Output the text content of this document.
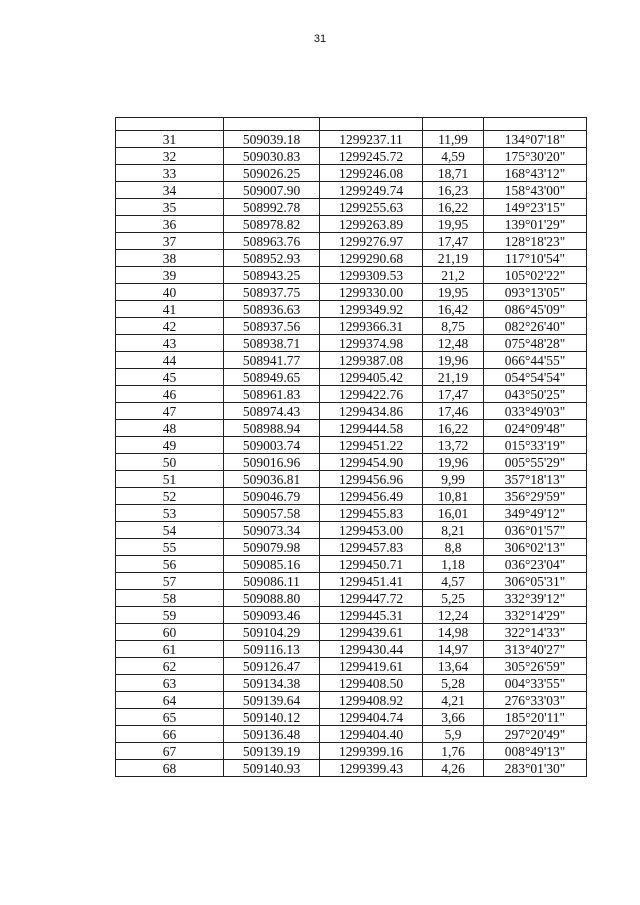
31

31	509039.18	1299237.11	11,99	134°07'18"
32	509030.83	1299245.72	4,59	175°30'20"
33	509026.25	1299246.08	18,71	168°43'12"
34	509007.90	1299249.74	16,23	158°43'00"
35	508992.78	1299255.63	16,22	149°23'15"
36	508978.82	1299263.89	19,95	139°01'29"
37	508963.76	1299276.97	17,47	128°18'23"
38	508952.93	1299290.68	21,19	117°10'54"
39	508943.25	1299309.53	21,2	105°02'22"
40	508937.75	1299330.00	19,95	093°13'05"
41	508936.63	1299349.92	16,42	086°45'09"
42	508937.56	1299366.31	8,75	082°26'40"
43	508938.71	1299374.98	12,48	075°48'28"
44	508941.77	1299387.08	19,96	066°44'55"
45	508949.65	1299405.42	21,19	054°54'54"
46	508961.83	1299422.76	17,47	043°50'25"
47	508974.43	1299434.86	17,46	033°49'03"
48	508988.94	1299444.58	16,22	024°09'48"
49	509003.74	1299451.22	13,72	015°33'19"
50	509016.96	1299454.90	19,96	005°55'29"
51	509036.81	1299456.96	9,99	357°18'13"
52	509046.79	1299456.49	10,81	356°29'59"
53	509057.58	1299455.83	16,01	349°49'12"
54	509073.34	1299453.00	8,21	036°01'57"
55	509079.98	1299457.83	8,8	306°02'13"
56	509085.16	1299450.71	1,18	036°23'04"
57	509086.11	1299451.41	4,57	306°05'31"
58	509088.80	1299447.72	5,25	332°39'12"
59	509093.46	1299445.31	12,24	332°14'29"
60	509104.29	1299439.61	14,98	322°14'33"
61	509116.13	1299430.44	14,97	313°40'27"
62	509126.47	1299419.61	13,64	305°26'59"
63	509134.38	1299408.50	5,28	004°33'55"
64	509139.64	1299408.92	4,21	276°33'03"
65	509140.12	1299404.74	3,66	185°20'11"
66	509136.48	1299404.40	5,9	297°20'49"
67	509139.19	1299399.16	1,76	008°49'13"
68	509140.93	1299399.43	4,26	283°01'30"
